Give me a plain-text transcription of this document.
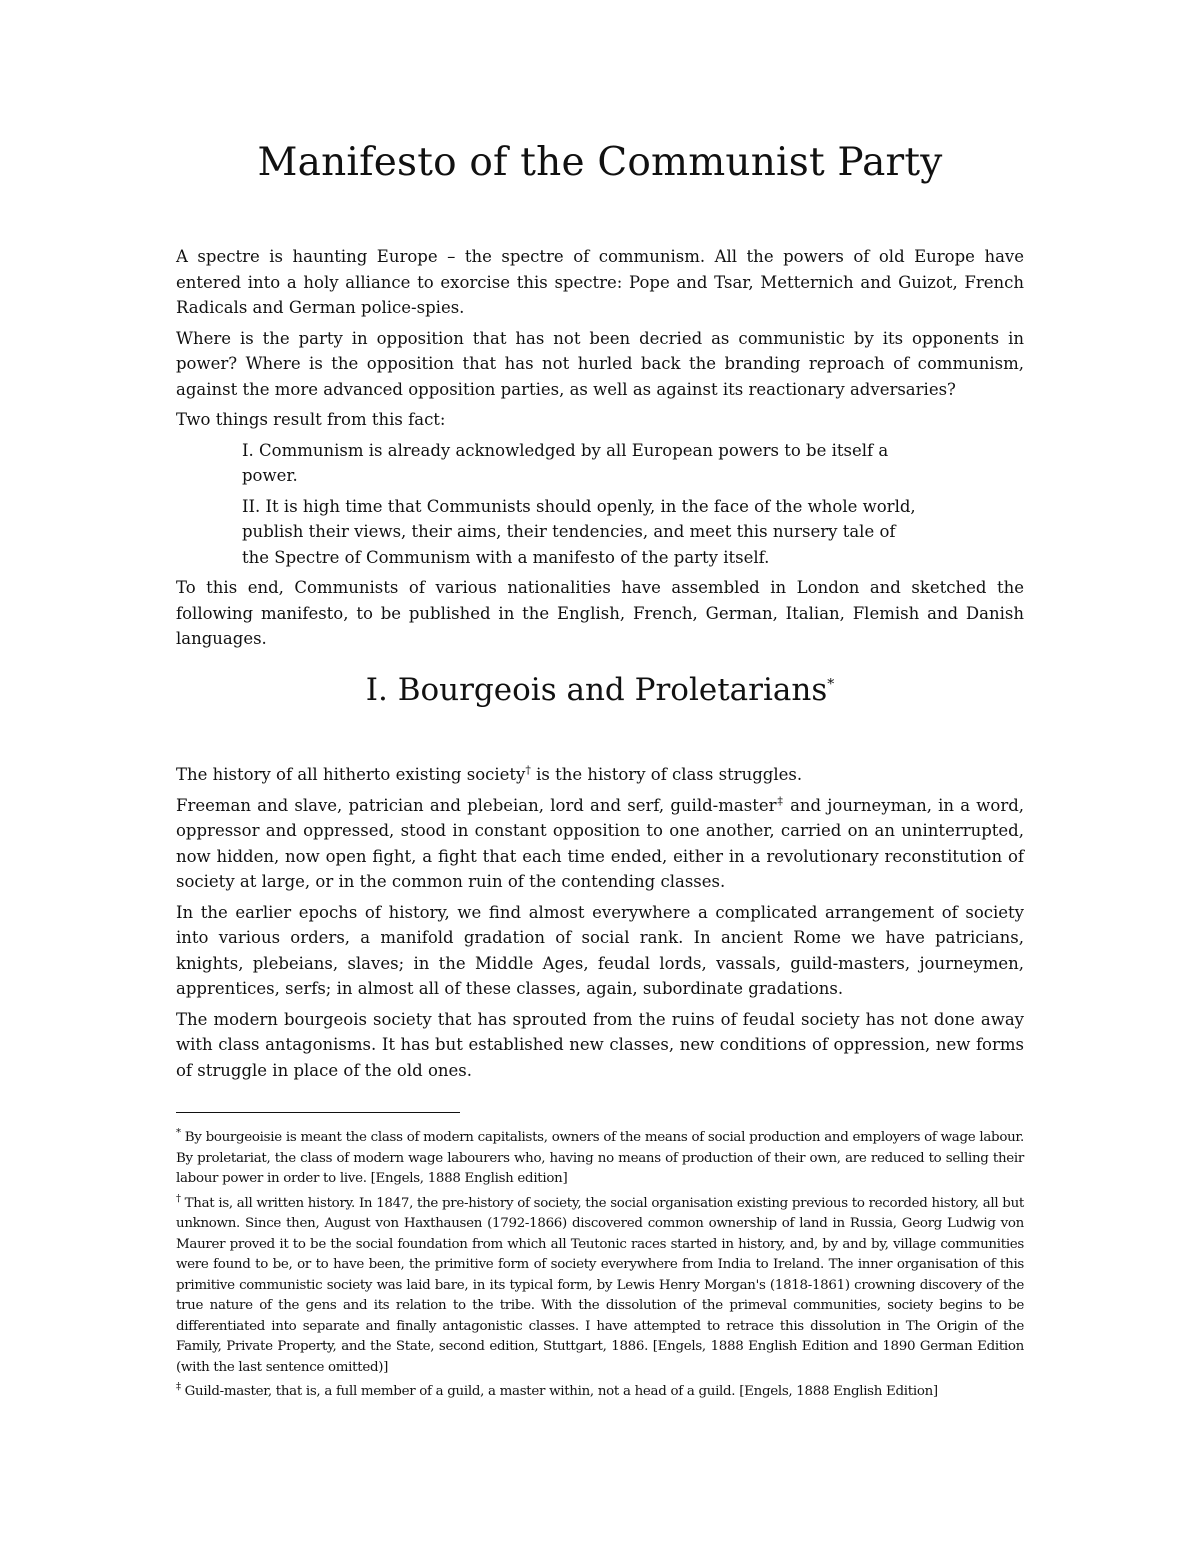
Manifesto of the Communist Party

A spectre is haunting Europe – the spectre of communism. All the powers of old Europe have entered into a holy alliance to exorcise this spectre: Pope and Tsar, Metternich and Guizot, French Radicals and German police-spies.

Where is the party in opposition that has not been decried as communistic by its opponents in power? Where is the opposition that has not hurled back the branding reproach of communism, against the more advanced opposition parties, as well as against its reactionary adversaries?

Two things result from this fact:

I. Communism is already acknowledged by all European powers to be itself a power.

II. It is high time that Communists should openly, in the face of the whole world, publish their views, their aims, their tendencies, and meet this nursery tale of the Spectre of Communism with a manifesto of the party itself.

To this end, Communists of various nationalities have assembled in London and sketched the following manifesto, to be published in the English, French, German, Italian, Flemish and Danish languages.

I. Bourgeois and Proletarians*

The history of all hitherto existing society† is the history of class struggles.

Freeman and slave, patrician and plebeian, lord and serf, guild-master‡ and journeyman, in a word, oppressor and oppressed, stood in constant opposition to one another, carried on an uninterrupted, now hidden, now open fight, a fight that each time ended, either in a revolutionary reconstitution of society at large, or in the common ruin of the contending classes.

In the earlier epochs of history, we find almost everywhere a complicated arrangement of society into various orders, a manifold gradation of social rank. In ancient Rome we have patricians, knights, plebeians, slaves; in the Middle Ages, feudal lords, vassals, guild-masters, journeymen, apprentices, serfs; in almost all of these classes, again, subordinate gradations.

The modern bourgeois society that has sprouted from the ruins of feudal society has not done away with class antagonisms. It has but established new classes, new conditions of oppression, new forms of struggle in place of the old ones.

* By bourgeoisie is meant the class of modern capitalists, owners of the means of social production and employers of wage labour. By proletariat, the class of modern wage labourers who, having no means of production of their own, are reduced to selling their labour power in order to live. [Engels, 1888 English edition]

† That is, all written history. In 1847, the pre-history of society, the social organisation existing previous to recorded history, all but unknown. Since then, August von Haxthausen (1792-1866) discovered common ownership of land in Russia, Georg Ludwig von Maurer proved it to be the social foundation from which all Teutonic races started in history, and, by and by, village communities were found to be, or to have been, the primitive form of society everywhere from India to Ireland. The inner organisation of this primitive communistic society was laid bare, in its typical form, by Lewis Henry Morgan's (1818-1861) crowning discovery of the true nature of the gens and its relation to the tribe. With the dissolution of the primeval communities, society begins to be differentiated into separate and finally antagonistic classes. I have attempted to retrace this dissolution in The Origin of the Family, Private Property, and the State, second edition, Stuttgart, 1886. [Engels, 1888 English Edition and 1890 German Edition (with the last sentence omitted)]

‡ Guild-master, that is, a full member of a guild, a master within, not a head of a guild. [Engels, 1888 English Edition]
